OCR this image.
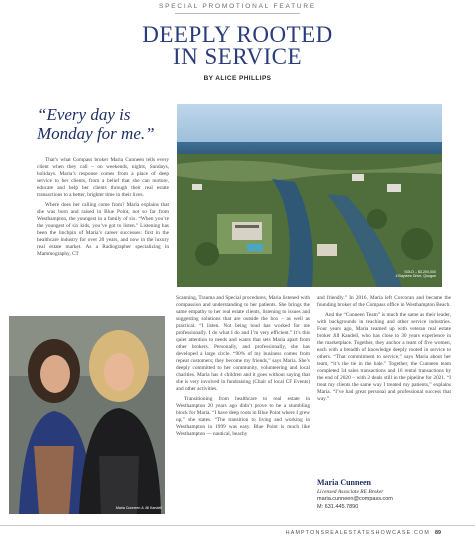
SPECIAL PROMOTIONAL FEATURE
DEEPLY ROOTED
IN SERVICE
BY ALICE PHILLIPS
“Every day is Monday for me.”

That’s what Compass broker Maria Cunneen tells every client when they call – on weekends, nights, Sundays, holidays. Maria’s response comes from a place of deep service to her clients, from a belief that she can nurture, educate and help her clients through their real estate transactions to a better, brighter time in their lives.

Where does her calling come from? Maria explains that she was born and raised in Blue Point, not so far from Westhampton, the youngest in a family of six. “When you’re the youngest of six kids, you’ve got to listen.” Listening has been the linchpin of Maria’s career successes: first in the healthcare industry for over 20 years, and now in the luxury real estate market. As a Radiographer specializing in Mammography, CT

SOLD – $3,200,000
4 Bayview Drive, Quogue
Maria Cunneen & Jill Kandell

Scanning, Trauma and Special procedures, Maria listened with compassion and understanding to her patients. She brings the same empathy to her real estate clients, listening to issues and suggesting solutions that are outside the box – as well as practical. “I listen. Not being loud has worked for me professionally. I do what I do and I’m very efficient.” It’s this quiet attention to needs and wants that sets Maria apart from other brokers. Personally, and professionally, she has developed a large circle. “90% of my business comes from repeat customers; they become my friends,” says Maria. She’s deeply committed to her community, volunteering and local charities. Maria has 4 children and it goes without saying that she is very involved in fundraising (Chair of local CF Events) and other activities.

Transitioning from healthcare to real estate in Westhampton 20 years ago didn’t prove to be a stumbling block for Maria. “I have deep roots in Blue Point where I grew up,” she states. “The transition to living and working in Westhampton in 1999 was easy. Blue Point is much like Westhampton — nautical, beachy

and friendly.” In 2016, Maria left Corcoran and became the founding broker of the Compass office in Westhampton Beach.

And the “Cunneen Team” is much the same as their leader, with backgrounds in teaching and other service industries. Four years ago, Maria teamed up with veteran real estate broker Jill Kandell, who has close to 30 years experience in the marketplace. Together, they anchor a team of five women, each with a breadth of knowledge deeply rooted in service to others. “That commitment to service,” says Maria about her team, “it’s the tie in the bale.” Together, the Cunneen team completed 34 sales transactions and 16 rental transactions by the end of 2020 – with 2 deals still in the pipeline for 2021. “I treat my clients the same way I treated my patients,” explains Maria. “I’ve had great personal and professional success that way.”

Maria Cunneen
Licensed Associate RE Broker
maria.cunneen@compass.com
M: 631.445.7890
HAMPTONSREALESTATESHOWCASE.COM 89
